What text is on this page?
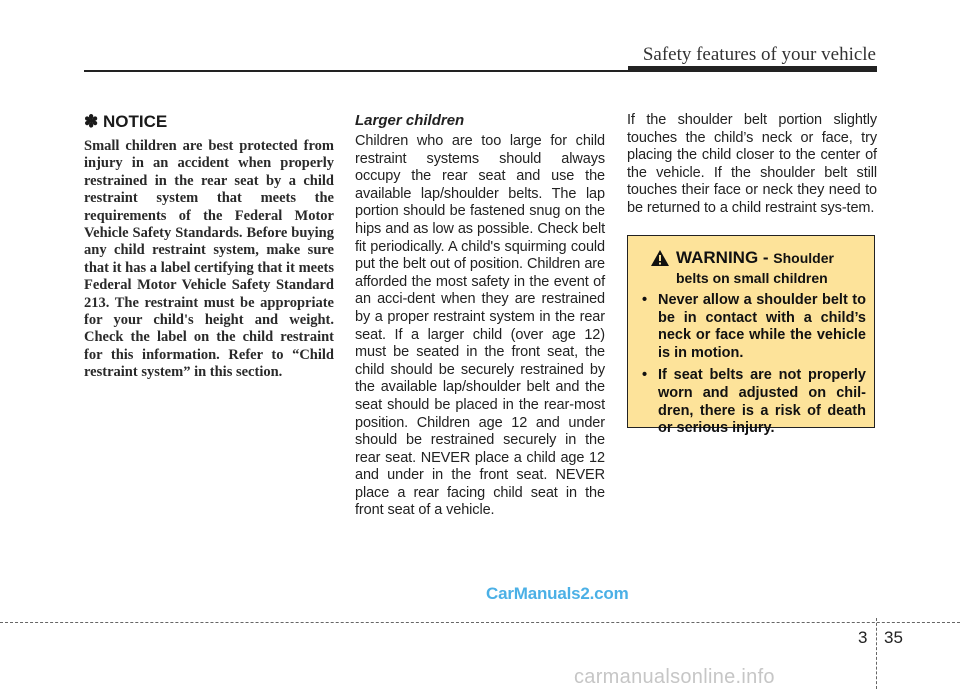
Safety features of your vehicle
✽ NOTICE

Small children are best protected from injury in an accident when properly restrained in the rear seat by a child restraint system that meets the requirements of the Federal Motor Vehicle Safety Standards. Before buying any child restraint system, make sure that it has a label certifying that it meets Federal Motor Vehicle Safety Standard 213. The restraint must be appropriate for your child's height and weight. Check the label on the child restraint for this information. Refer to “Child restraint system” in this section.

Larger children

Children who are too large for child restraint systems should always occupy the rear seat and use the available lap/shoulder belts. The lap portion should be fastened snug on the hips and as low as possible. Check belt fit periodically. A child's squirming could put the belt out of position. Children are afforded the most safety in the event of an acci-dent when they are restrained by a proper restraint system in the rear seat. If a larger child (over age 12) must be seated in the front seat, the child should be securely restrained by the available lap/shoulder belt and the seat should be placed in the rear-most position. Children age 12 and under should be restrained securely in the rear seat. NEVER place a child age 12 and under in the front seat. NEVER place a rear facing child seat in the front seat of a vehicle.

If the shoulder belt portion slightly touches the child’s neck or face, try placing the child closer to the center of the vehicle. If the shoulder belt still touches their face or neck they need to be returned to a child restraint sys-tem.

WARNING - Shoulder belts on small children
• Never allow a shoulder belt to be in contact with a child’s neck or face while the vehicle is in motion.
• If seat belts are not properly worn and adjusted on chil-dren, there is a risk of death or serious injury.
CarManuals2.com
3 35
carmanualsonline.info
